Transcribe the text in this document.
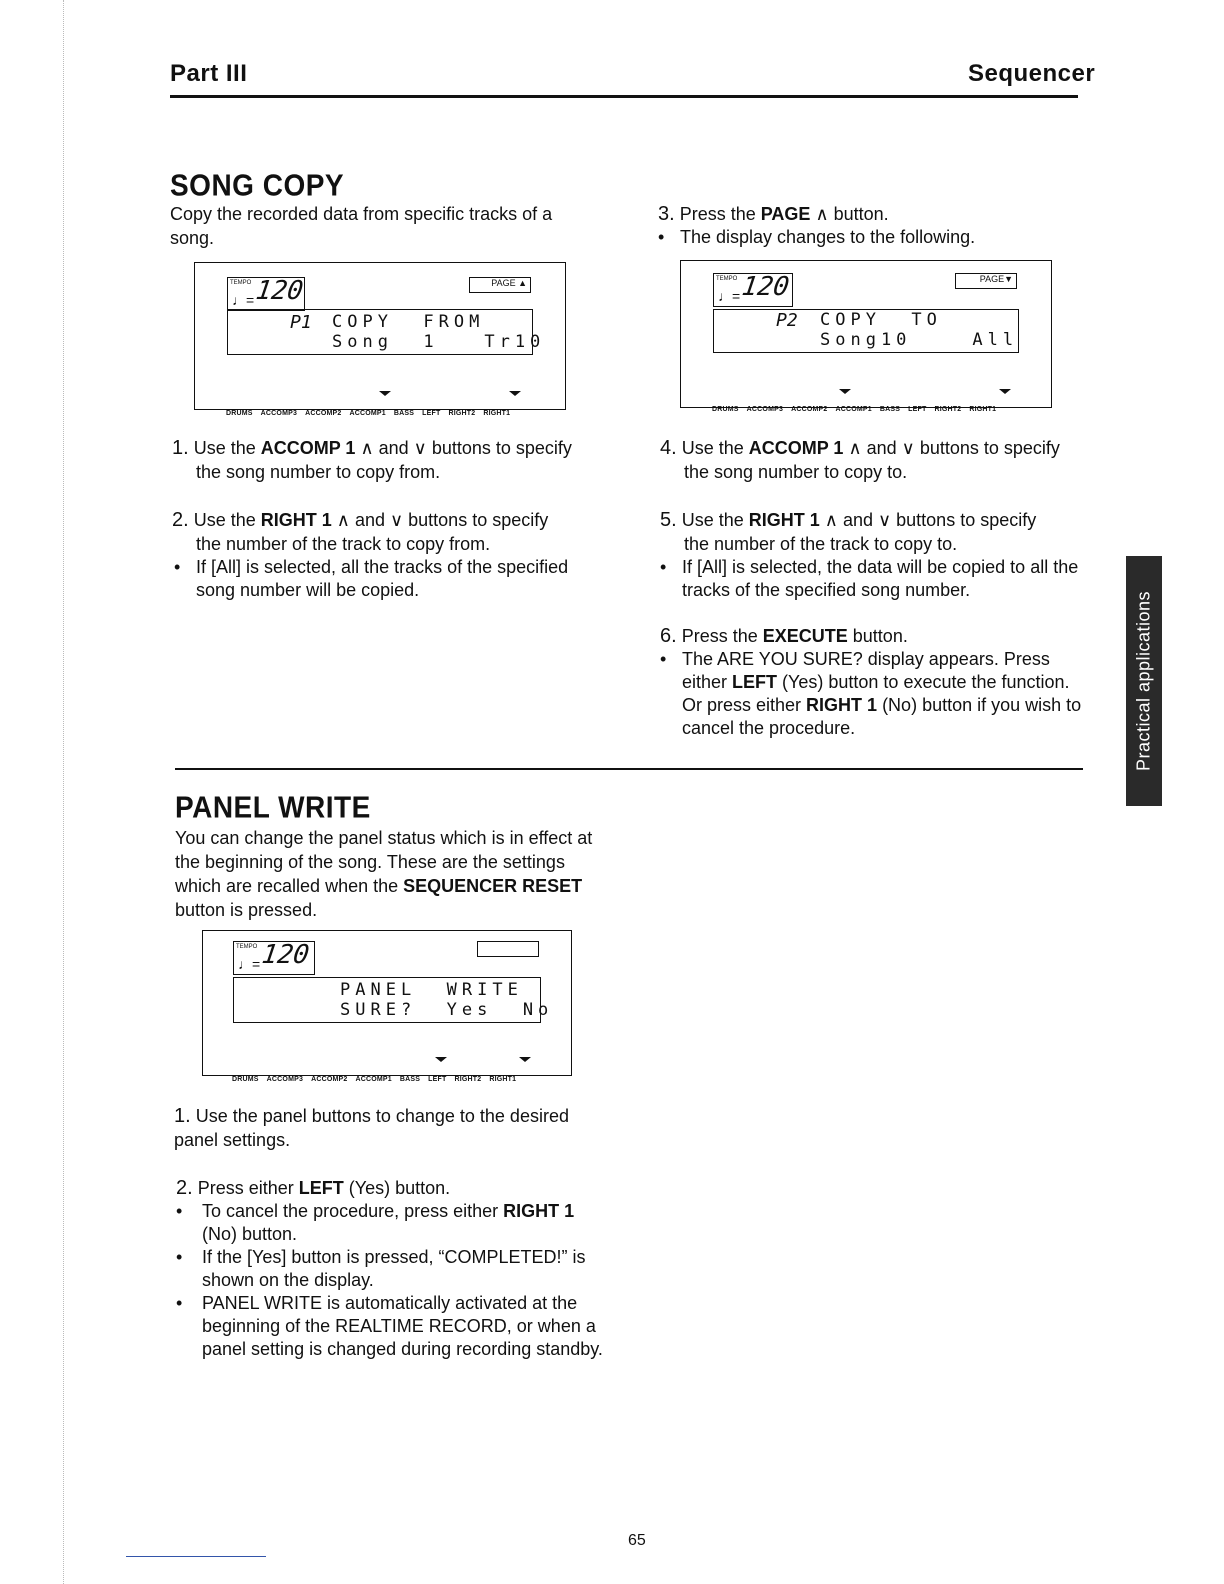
Part III	Sequencer
SONG COPY

Copy the recorded data from specific tracks of a song.

TEMPO
♩= 120	PAGE ▲
P1 COPY  FROM
Song  1   Tr10
DRUMS ACCOMP3 ACCOMP2 ACCOMP1 BASS LEFT RIGHT2 RIGHT1

1. Use the ACCOMP 1 ∧ and ∨ buttons to specify

the song number to copy from.

2. Use the RIGHT 1 ∧ and ∨ buttons to specify

the number of the track to copy from.

• If [All] is selected, all the tracks of the specified song number will be copied.

3. Press the PAGE ∧ button.

• The display changes to the following.

TEMPO
♩= 120	PAGE▼
P2 COPY  TO
Song10    All
DRUMS ACCOMP3 ACCOMP2 ACCOMP1 BASS LEFT RIGHT2 RIGHT1

4. Use the ACCOMP 1 ∧ and ∨ buttons to specify

the song number to copy to.

5. Use the RIGHT 1 ∧ and ∨ buttons to specify

the number of the track to copy to.

• If [All] is selected, the data will be copied to all the tracks of the specified song number.

6. Press the EXECUTE button.

• The ARE YOU SURE? display appears. Press either LEFT (Yes) button to execute the function. Or press either RIGHT 1 (No) button if you wish to cancel the procedure.	Practical applications
PANEL WRITE

You can change the panel status which is in effect at the beginning of the song. These are the settings which are recalled when the SEQUENCER RESET button is pressed.

TEMPO
♩= 120
PANEL  WRITE
SURE?  Yes  No
DRUMS ACCOMP3 ACCOMP2 ACCOMP1 BASS LEFT RIGHT2 RIGHT1

1. Use the panel buttons to change to the desired panel settings.

2. Press either LEFT (Yes) button.

• To cancel the procedure, press either RIGHT 1 (No) button.

• If the [Yes] button is pressed, “COMPLETED!” is shown on the display.

• PANEL WRITE is automatically activated at the beginning of the REALTIME RECORD, or when a panel setting is changed during recording standby.

65
